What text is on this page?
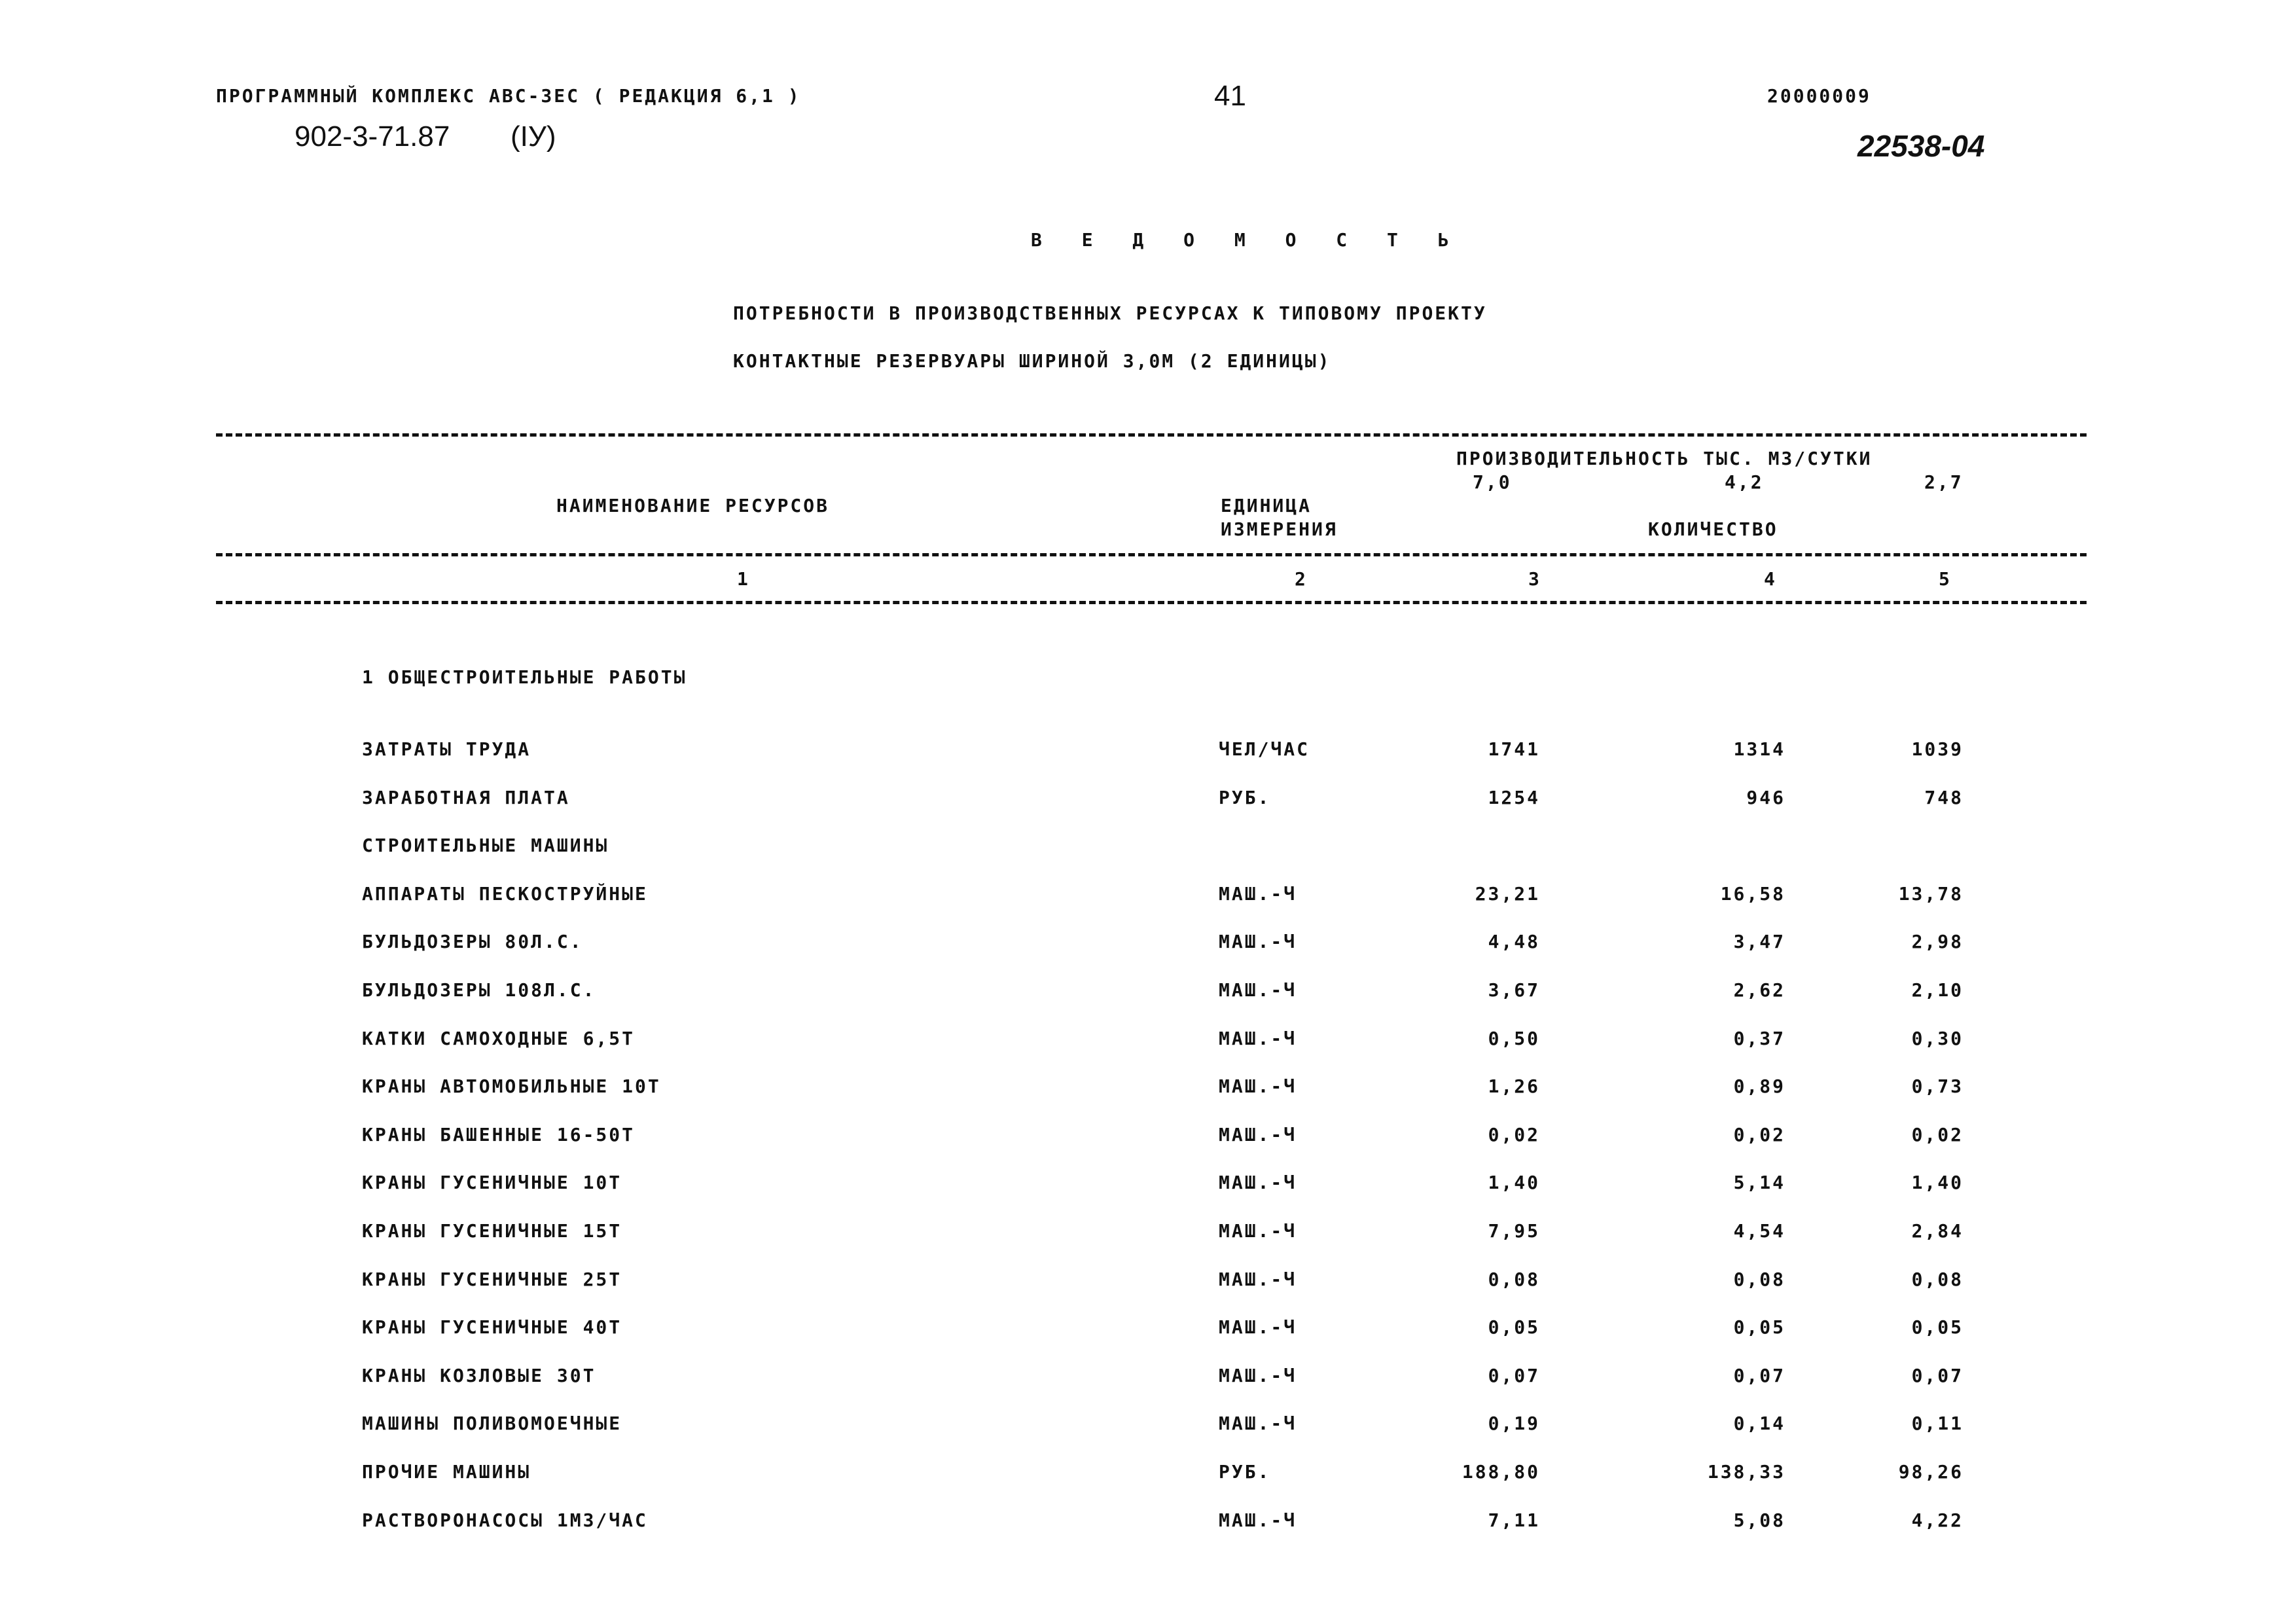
ПРОГРАММНЫЙ КОМПЛЕКС АВС-3ЕС ( РЕДАКЦИЯ 6,1 )	41	20000009
902-3-71.87 (IУ)	22538-04
В Е Д О М О С Т Ь
ПОТРЕБНОСТИ В ПРОИЗВОДСТВЕННЫХ РЕСУРСАХ К ТИПОВОМУ ПРОЕКТУ
КОНТАКТНЫЕ РЕЗЕРВУАРЫ ШИРИНОЙ 3,0М (2 ЕДИНИЦЫ)
НАИМЕНОВАНИЕ РЕСУРСОВ	ЕДИНИЦА
ИЗМЕРЕНИЯ
ПРОИЗВОДИТЕЛЬНОСТЬ ТЫС. М3/СУТКИ
7,0	4,2	2,7
КОЛИЧЕСТВО
1	2	3	4	5
1 ОБЩЕСТРОИТЕЛЬНЫЕ РАБОТЫ
ЗАТРАТЫ ТРУДА	ЧЕЛ/ЧАС	1741	1314	1039
ЗАРАБОТНАЯ ПЛАТА	РУБ.	1254	946	748
СТРОИТЕЛЬНЫЕ МАШИНЫ
АППАРАТЫ ПЕСКОСТРУЙНЫЕ	МАШ.-Ч	23,21	16,58	13,78
БУЛЬДОЗЕРЫ 80Л.С.	МАШ.-Ч	4,48	3,47	2,98
БУЛЬДОЗЕРЫ 108Л.С.	МАШ.-Ч	3,67	2,62	2,10
КАТКИ САМОХОДНЫЕ 6,5Т	МАШ.-Ч	0,50	0,37	0,30
КРАНЫ АВТОМОБИЛЬНЫЕ 10Т	МАШ.-Ч	1,26	0,89	0,73
КРАНЫ БАШЕННЫЕ 16-50Т	МАШ.-Ч	0,02	0,02	0,02
КРАНЫ ГУСЕНИЧНЫЕ 10Т	МАШ.-Ч	1,40	5,14	1,40
КРАНЫ ГУСЕНИЧНЫЕ 15Т	МАШ.-Ч	7,95	4,54	2,84
КРАНЫ ГУСЕНИЧНЫЕ 25Т	МАШ.-Ч	0,08	0,08	0,08
КРАНЫ ГУСЕНИЧНЫЕ 40Т	МАШ.-Ч	0,05	0,05	0,05
КРАНЫ КОЗЛОВЫЕ 30Т	МАШ.-Ч	0,07	0,07	0,07
МАШИНЫ ПОЛИВОМОЕЧНЫЕ	МАШ.-Ч	0,19	0,14	0,11
ПРОЧИЕ МАШИНЫ	РУБ.	188,80	138,33	98,26
РАСТВОРОНАСОСЫ 1М3/ЧАС	МАШ.-Ч	7,11	5,08	4,22
